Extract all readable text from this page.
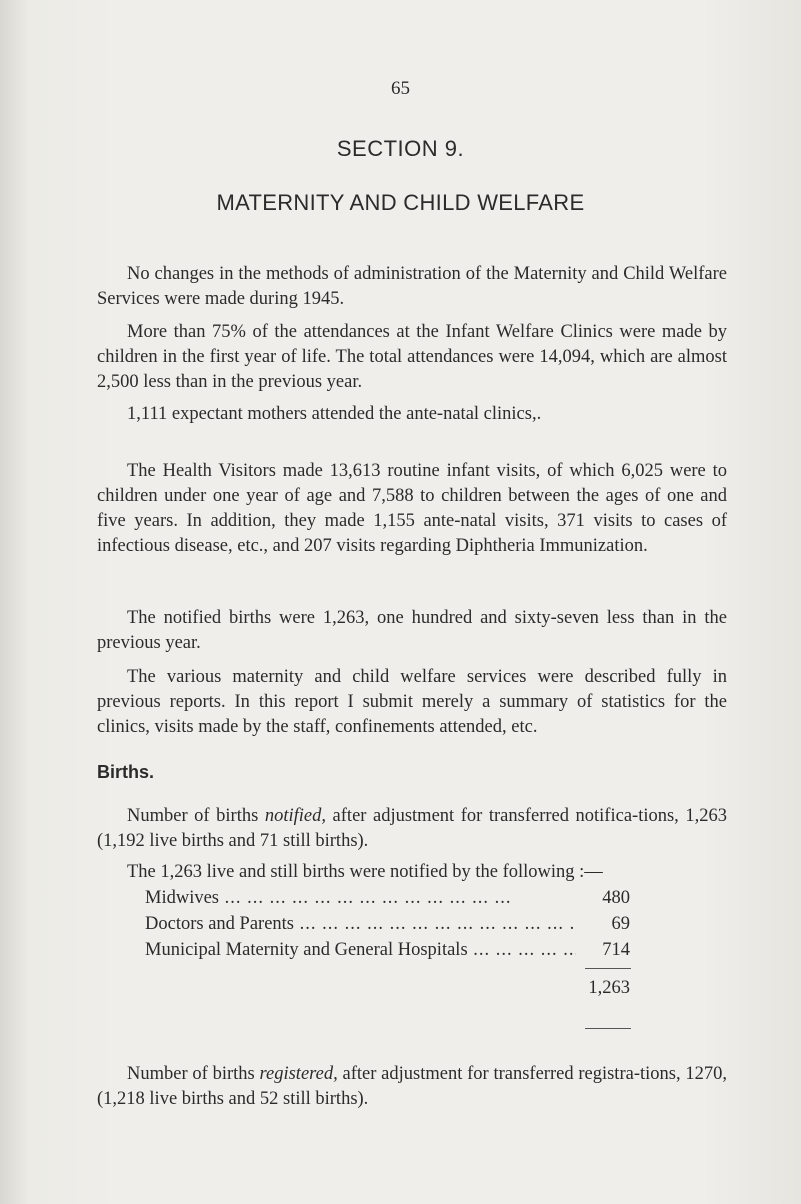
65
SECTION 9.
MATERNITY AND CHILD WELFARE
No changes in the methods of administration of the Maternity and Child Welfare Services were made during 1945.
More than 75% of the attendances at the Infant Welfare Clinics were made by children in the first year of life. The total attendances were 14,094, which are almost 2,500 less than in the previous year.
1,111 expectant mothers attended the ante-natal clinics,.
The Health Visitors made 13,613 routine infant visits, of which 6,025 were to children under one year of age and 7,588 to children between the ages of one and five years. In addition, they made 1,155 ante-natal visits, 371 visits to cases of infectious disease, etc., and 207 visits regarding Diphtheria Immunization.
The notified births were 1,263, one hundred and sixty-seven less than in the previous year.
The various maternity and child welfare services were described fully in previous reports. In this report I submit merely a summary of statistics for the clinics, visits made by the staff, confinements attended, etc.
Births.
Number of births notified, after adjustment for transferred notifica-tions, 1,263 (1,192 live births and 71 still births).
The 1,263 live and still births were notified by the following :—
Midwives ... .	480
Doctors and Parents ... .	69
Municipal Maternity and General Hospitals ... .	714
1,263
Number of births registered, after adjustment for transferred registra-tions, 1270, (1,218 live births and 52 still births).
